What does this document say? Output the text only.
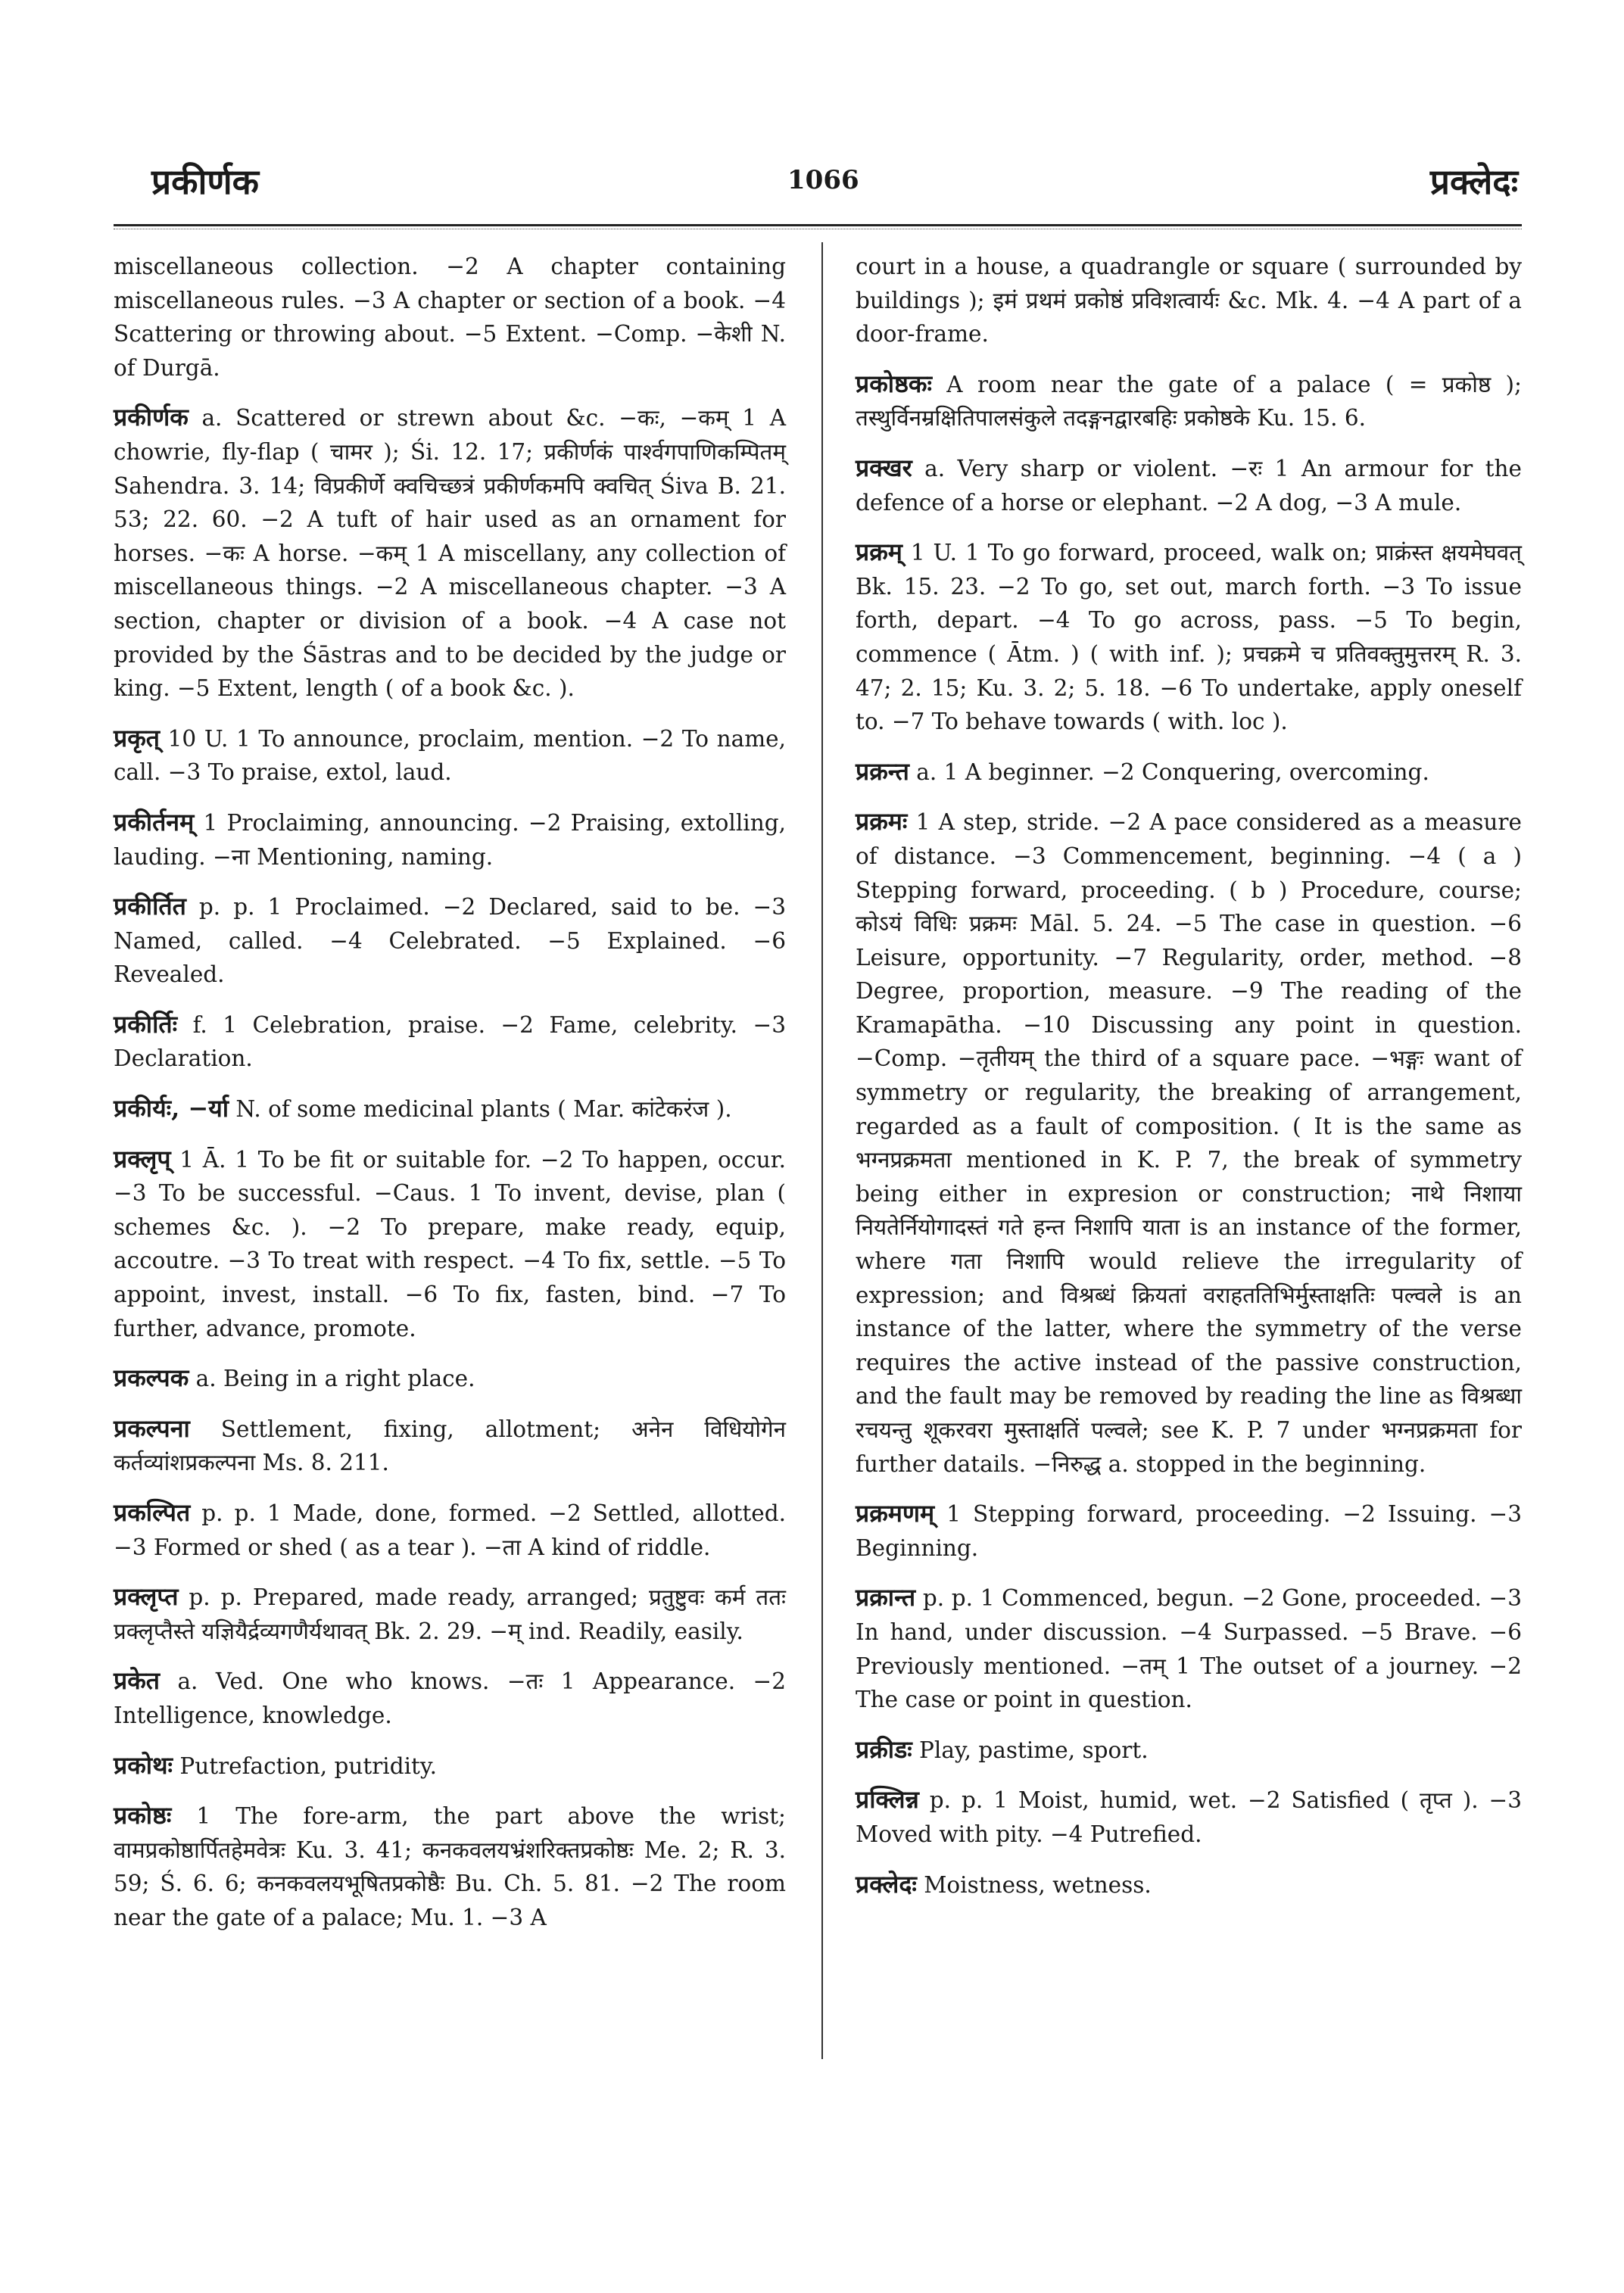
प्रकीर्णक	1066	प्रक्लेदः

miscellaneous collection. −2 A chapter containing miscellaneous rules. −3 A chapter or section of a book. −4 Scattering or throwing about. −5 Extent. −Comp. −केशी N. of Durgā.

प्रकीर्णक a. Scattered or strewn about &c. −कः, −कम् 1 A chowrie, fly-flap ( चामर ); Śi. 12. 17; प्रकीर्णकं पार्श्वगपाणिकम्पितम् Sahendra. 3. 14; विप्रकीर्णे क्वचिच्छत्रं प्रकीर्णकमपि क्वचित् Śiva B. 21. 53; 22. 60. −2 A tuft of hair used as an ornament for horses. −कः A horse. −कम् 1 A miscellany, any collection of miscellaneous things. −2 A miscellaneous chapter. −3 A section, chapter or division of a book. −4 A case not provided by the Śāstras and to be decided by the judge or king. −5 Extent, length ( of a book &c. ).

प्रकृत् 10 U. 1 To announce, proclaim, mention. −2 To name, call. −3 To praise, extol, laud.

प्रकीर्तनम् 1 Proclaiming, announcing. −2 Praising, extolling, lauding. −ना Mentioning, naming.

प्रकीर्तित p. p. 1 Proclaimed. −2 Declared, said to be. −3 Named, called. −4 Celebrated. −5 Explained. −6 Revealed.

प्रकीर्तिः f. 1 Celebration, praise. −2 Fame, celebrity. −3 Declaration.

प्रकीर्यः, −र्या N. of some medicinal plants ( Mar. कांटेकरंज ).

प्रक्लृप् 1 Ā. 1 To be fit or suitable for. −2 To happen, occur. −3 To be successful. −Caus. 1 To invent, devise, plan ( schemes &c. ). −2 To prepare, make ready, equip, accoutre. −3 To treat with respect. −4 To fix, settle. −5 To appoint, invest, install. −6 To fix, fasten, bind. −7 To further, advance, promote.

प्रकल्पक a. Being in a right place.

प्रकल्पना Settlement, fixing, allotment; अनेन विधियोगेन कर्तव्यांशप्रकल्पना Ms. 8. 211.

प्रकल्पित p. p. 1 Made, done, formed. −2 Settled, allotted. −3 Formed or shed ( as a tear ). −ता A kind of riddle.

प्रक्लृप्त p. p. Prepared, made ready, arranged; प्रतुष्टुवः कर्म ततः प्रक्लृप्तैस्ते यज्ञियैर्द्रव्यगणैर्यथावत् Bk. 2. 29. −म् ind. Readily, easily.

प्रकेत a. Ved. One who knows. −तः 1 Appearance. −2 Intelligence, knowledge.

प्रकोथः Putrefaction, putridity.

प्रकोष्ठः 1 The fore-arm, the part above the wrist; वामप्रकोष्ठार्पितहेमवेत्रः Ku. 3. 41; कनकवलयभ्रंशरिक्तप्रकोष्ठः Me. 2; R. 3. 59; Ś. 6. 6; कनकवलयभूषितप्रकोष्ठैः Bu. Ch. 5. 81. −2 The room near the gate of a palace; Mu. 1. −3 A

court in a house, a quadrangle or square ( surrounded by buildings ); इमं प्रथमं प्रकोष्ठं प्रविशत्वार्यः &c. Mk. 4. −4 A part of a door-frame.

प्रकोष्ठकः A room near the gate of a palace ( = प्रकोष्ठ ); तस्थुर्विनम्रक्षितिपालसंकुले तदङ्गनद्वारबहिः प्रकोष्ठके Ku. 15. 6.

प्रक्खर a. Very sharp or violent. −रः 1 An armour for the defence of a horse or elephant. −2 A dog, −3 A mule.

प्रक्रम् 1 U. 1 To go forward, proceed, walk on; प्राक्रंस्त क्षयमेघवत् Bk. 15. 23. −2 To go, set out, march forth. −3 To issue forth, depart. −4 To go across, pass. −5 To begin, commence ( Ātm. ) ( with inf. ); प्रचक्रमे च प्रतिवक्तुमुत्तरम् R. 3. 47; 2. 15; Ku. 3. 2; 5. 18. −6 To undertake, apply oneself to. −7 To behave towards ( with. loc ).

प्रक्रन्त a. 1 A beginner. −2 Conquering, overcoming.

प्रक्रमः 1 A step, stride. −2 A pace considered as a measure of distance. −3 Commencement, beginning. −4 ( a ) Stepping forward, proceeding. ( b ) Procedure, course; कोऽयं विधिः प्रक्रमः Māl. 5. 24. −5 The case in question. −6 Leisure, opportunity. −7 Regularity, order, method. −8 Degree, proportion, measure. −9 The reading of the Kramapātha. −10 Discussing any point in question. −Comp. −तृतीयम् the third of a square pace. −भङ्गः want of symmetry or regularity, the breaking of arrangement, regarded as a fault of composition. ( It is the same as भग्नप्रक्रमता mentioned in K. P. 7, the break of symmetry being either in expresion or construction; नाथे निशाया नियतेर्नियोगादस्तं गते हन्त निशापि याता is an instance of the former, where गता निशापि would relieve the irregularity of expression; and विश्रब्धं क्रियतां वराहततिभिर्मुस्ताक्षतिः पल्वले is an instance of the latter, where the symmetry of the verse requires the active instead of the passive construction, and the fault may be removed by reading the line as विश्रब्धा रचयन्तु शूकरवरा मुस्ताक्षतिं पल्वले; see K. P. 7 under भग्नप्रक्रमता for further datails. −निरुद्ध a. stopped in the beginning.

प्रक्रमणम् 1 Stepping forward, proceeding. −2 Issuing. −3 Beginning.

प्रक्रान्त p. p. 1 Commenced, begun. −2 Gone, proceeded. −3 In hand, under discussion. −4 Surpassed. −5 Brave. −6 Previously mentioned. −तम् 1 The outset of a journey. −2 The case or point in question.

प्रक्रीडः Play, pastime, sport.

प्रक्लिन्न p. p. 1 Moist, humid, wet. −2 Satisfied ( तृप्त ). −3 Moved with pity. −4 Putrefied.

प्रक्लेदः Moistness, wetness.
